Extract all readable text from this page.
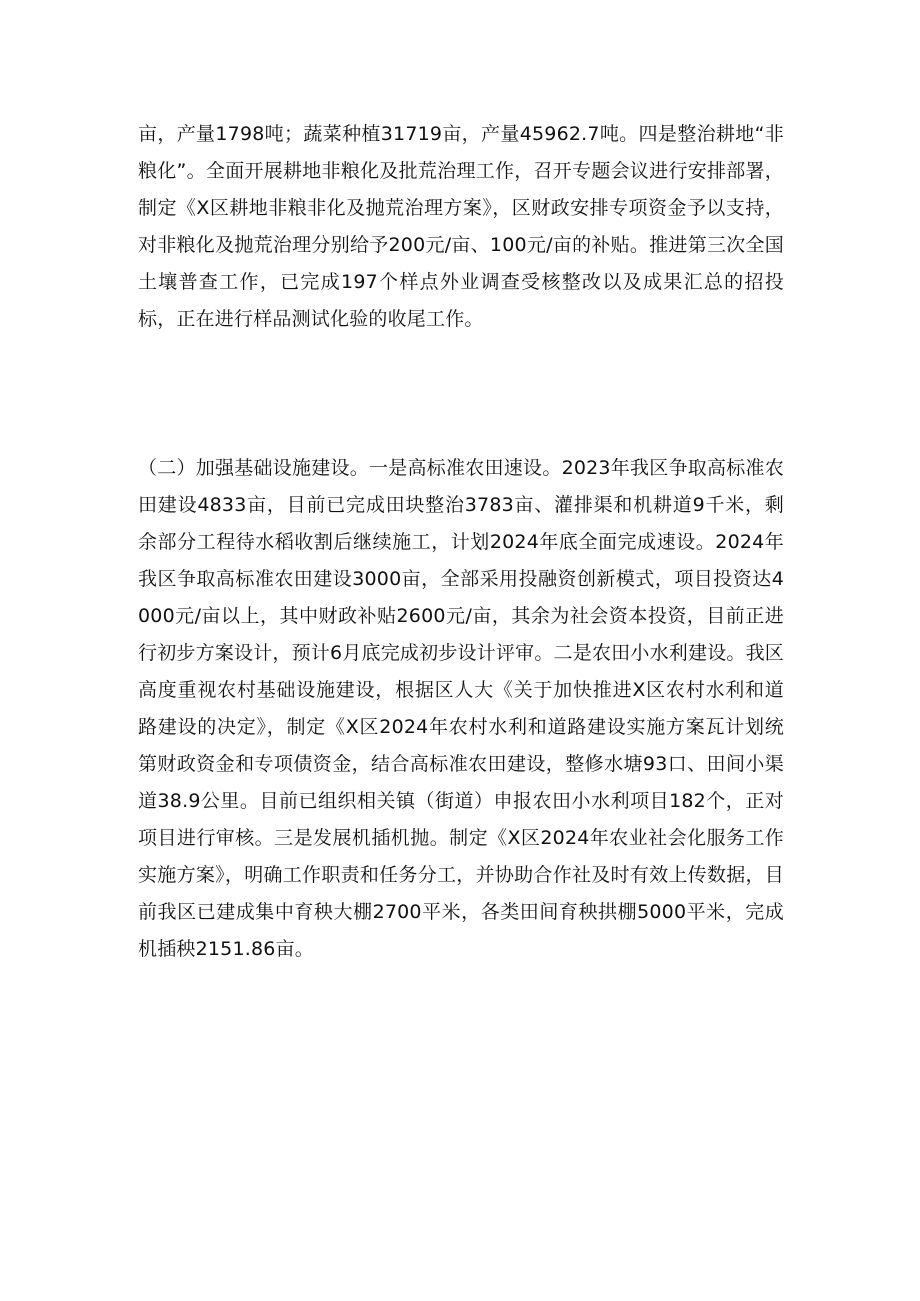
亩，产量1798吨；蔬菜种植31719亩，产量45962.7吨。四是整治耕地“非粮化”。全面开展耕地非粮化及批荒治理工作，召开专题会议进行安排部署，制定《X区耕地非粮非化及抛荒治理方案》，区财政安排专项资金予以支持，对非粮化及抛荒治理分别给予200元/亩、100元/亩的补贴。推进第三次全国土壤普查工作，已完成197个样点外业调查受核整改以及成果汇总的招投标，正在进行样品测试化验的收尾工作。

（二）加强基础设施建设。一是高标准农田速设。2023年我区争取高标准农田建设4833亩，目前已完成田块整治3783亩、灌排渠和机耕道9千米，剩余部分工程待水稻收割后继续施工，计划2024年底全面完成速设。2024年我区争取高标准农田建设3000亩，全部采用投融资创新模式，项目投资达4000元/亩以上，其中财政补贴2600元/亩，其余为社会资本投资，目前正进行初步方案设计，预计6月底完成初步设计评审。二是农田小水利建设。我区高度重视农村基础设施建设，根据区人大《关于加快推进X区农村水利和道路建设的决定》，制定《X区2024年农村水利和道路建设实施方案瓦计划统第财政资金和专项债资金，结合高标准农田建设，整修水塘93口、田间小渠道38.9公里。目前已组织相关镇（街道）申报农田小水利项目182个，正对项目进行审核。三是发展机插机抛。制定《X区2024年农业社会化服务工作实施方案》，明确工作职责和任务分工，并协助合作社及时有效上传数据，目前我区已建成集中育秧大棚2700平米，各类田间育秧拱棚5000平米，完成机插秧2151.86亩。
